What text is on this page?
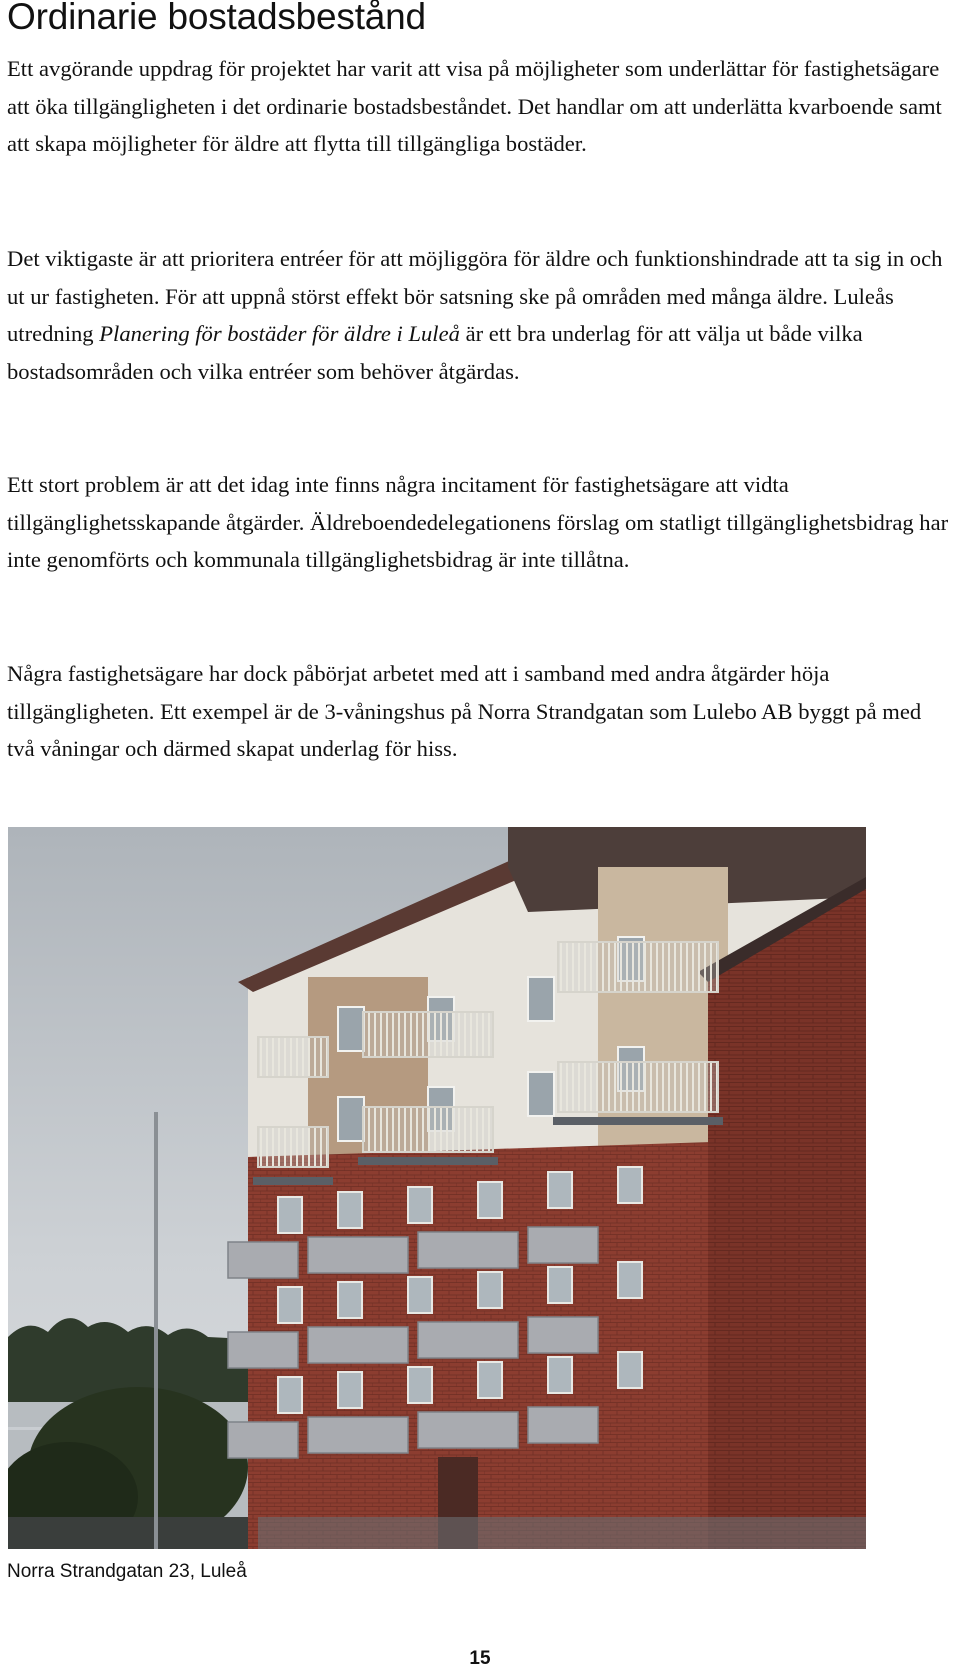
Ordinarie bostadsbestånd

Ett avgörande uppdrag för projektet har varit att visa på möjligheter som underlättar för fastighetsägare att öka tillgängligheten i det ordinarie bostadsbeståndet. Det handlar om att underlätta kvarboende samt att skapa möjligheter för äldre att flytta till tillgängliga bostäder.

Det viktigaste är att prioritera entréer för att möjliggöra för äldre och funktionshindrade att ta sig in och ut ur fastigheten. För att uppnå störst effekt bör satsning ske på områden med många äldre. Luleås utredning Planering för bostäder för äldre i Luleå är ett bra underlag för att välja ut både vilka bostadsområden och vilka entréer som behöver åtgärdas.

Ett stort problem är att det idag inte finns några incitament för fastighetsägare att vidta tillgänglighetsskapande åtgärder. Äldreboendedelegationens förslag om statligt tillgänglighetsbidrag har inte genomförts och kommunala tillgänglighetsbidrag är inte tillåtna.

Några fastighetsägare har dock påbörjat arbetet med att i samband med andra åtgärder höja tillgängligheten. Ett exempel är de 3-våningshus på Norra Strandgatan som Lulebo AB byggt på med två våningar och därmed skapat underlag för hiss.

Norra Strandgatan 23, Luleå
15
